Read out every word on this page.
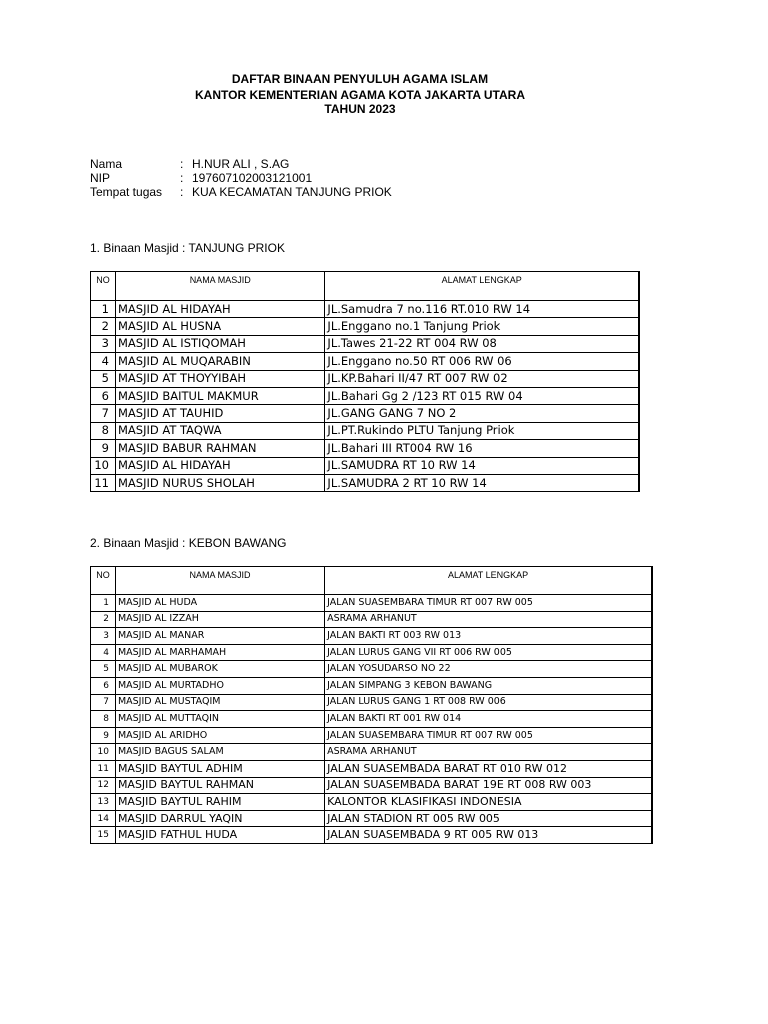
DAFTAR BINAAN PENYULUH AGAMA ISLAM
KANTOR KEMENTERIAN AGAMA KOTA JAKARTA UTARA
TAHUN 2023
Nama	: H.NUR ALI , S.AG
NIP	: 197607102003121001
Tempat tugas : KUA KECAMATAN TANJUNG PRIOK
1. Binaan Masjid : TANJUNG PRIOK
NO	NAMA MASJID	ALAMAT LENGKAP
1	MASJID AL HIDAYAH	JL.Samudra 7 no.116 RT.010 RW 14
2	MASJID AL HUSNA	JL.Enggano no.1 Tanjung Priok
3	MASJID AL ISTIQOMAH	JL.Tawes 21-22 RT 004 RW 08
4	MASJID AL MUQARABIN	JL.Enggano no.50 RT 006 RW 06
5	MASJID AT THOYYIBAH	JL.KP.Bahari II/47 RT 007 RW 02
6	MASJID BAITUL MAKMUR	JL.Bahari Gg 2 /123 RT 015 RW 04
7	MASJID AT TAUHID	JL.GANG GANG 7 NO 2
8	MASJID AT TAQWA	JL.PT.Rukindo PLTU Tanjung Priok
9	MASJID BABUR RAHMAN	JL.Bahari III RT004 RW 16
10	MASJID AL HIDAYAH	JL.SAMUDRA RT 10 RW 14
11	MASJID NURUS SHOLAH	JL.SAMUDRA 2 RT 10 RW 14
2. Binaan Masjid : KEBON BAWANG
NO	NAMA MASJID	ALAMAT LENGKAP
1	MASJID AL HUDA	JALAN SUASEMBARA TIMUR RT 007 RW 005
2	MASJID AL IZZAH	ASRAMA ARHANUT
3	MASJID AL MANAR	JALAN BAKTI RT 003 RW 013
4	MASJID AL MARHAMAH	JALAN LURUS GANG VII RT 006 RW 005
5	MASJID AL MUBAROK	JALAN YOSUDARSO NO 22
6	MASJID AL MURTADHO	JALAN SIMPANG 3 KEBON BAWANG
7	MASJID AL MUSTAQIM	JALAN LURUS GANG 1 RT 008 RW 006
8	MASJID AL MUTTAQIN	JALAN BAKTI RT 001 RW 014
9	MASJID AL ARIDHO	JALAN SUASEMBARA TIMUR RT 007 RW 005
10	MASJID BAGUS SALAM	ASRAMA ARHANUT
11	MASJID BAYTUL ADHIM	JALAN SUASEMBADA BARAT RT 010 RW 012
12	MASJID BAYTUL RAHMAN	JALAN SUASEMBADA BARAT 19E RT 008 RW 003
13	MASJID BAYTUL RAHIM	KALONTOR KLASIFIKASI INDONESIA
14	MASJID DARRUL YAQIN	JALAN STADION RT 005 RW 005
15	MASJID FATHUL HUDA	JALAN SUASEMBADA 9 RT 005 RW 013
